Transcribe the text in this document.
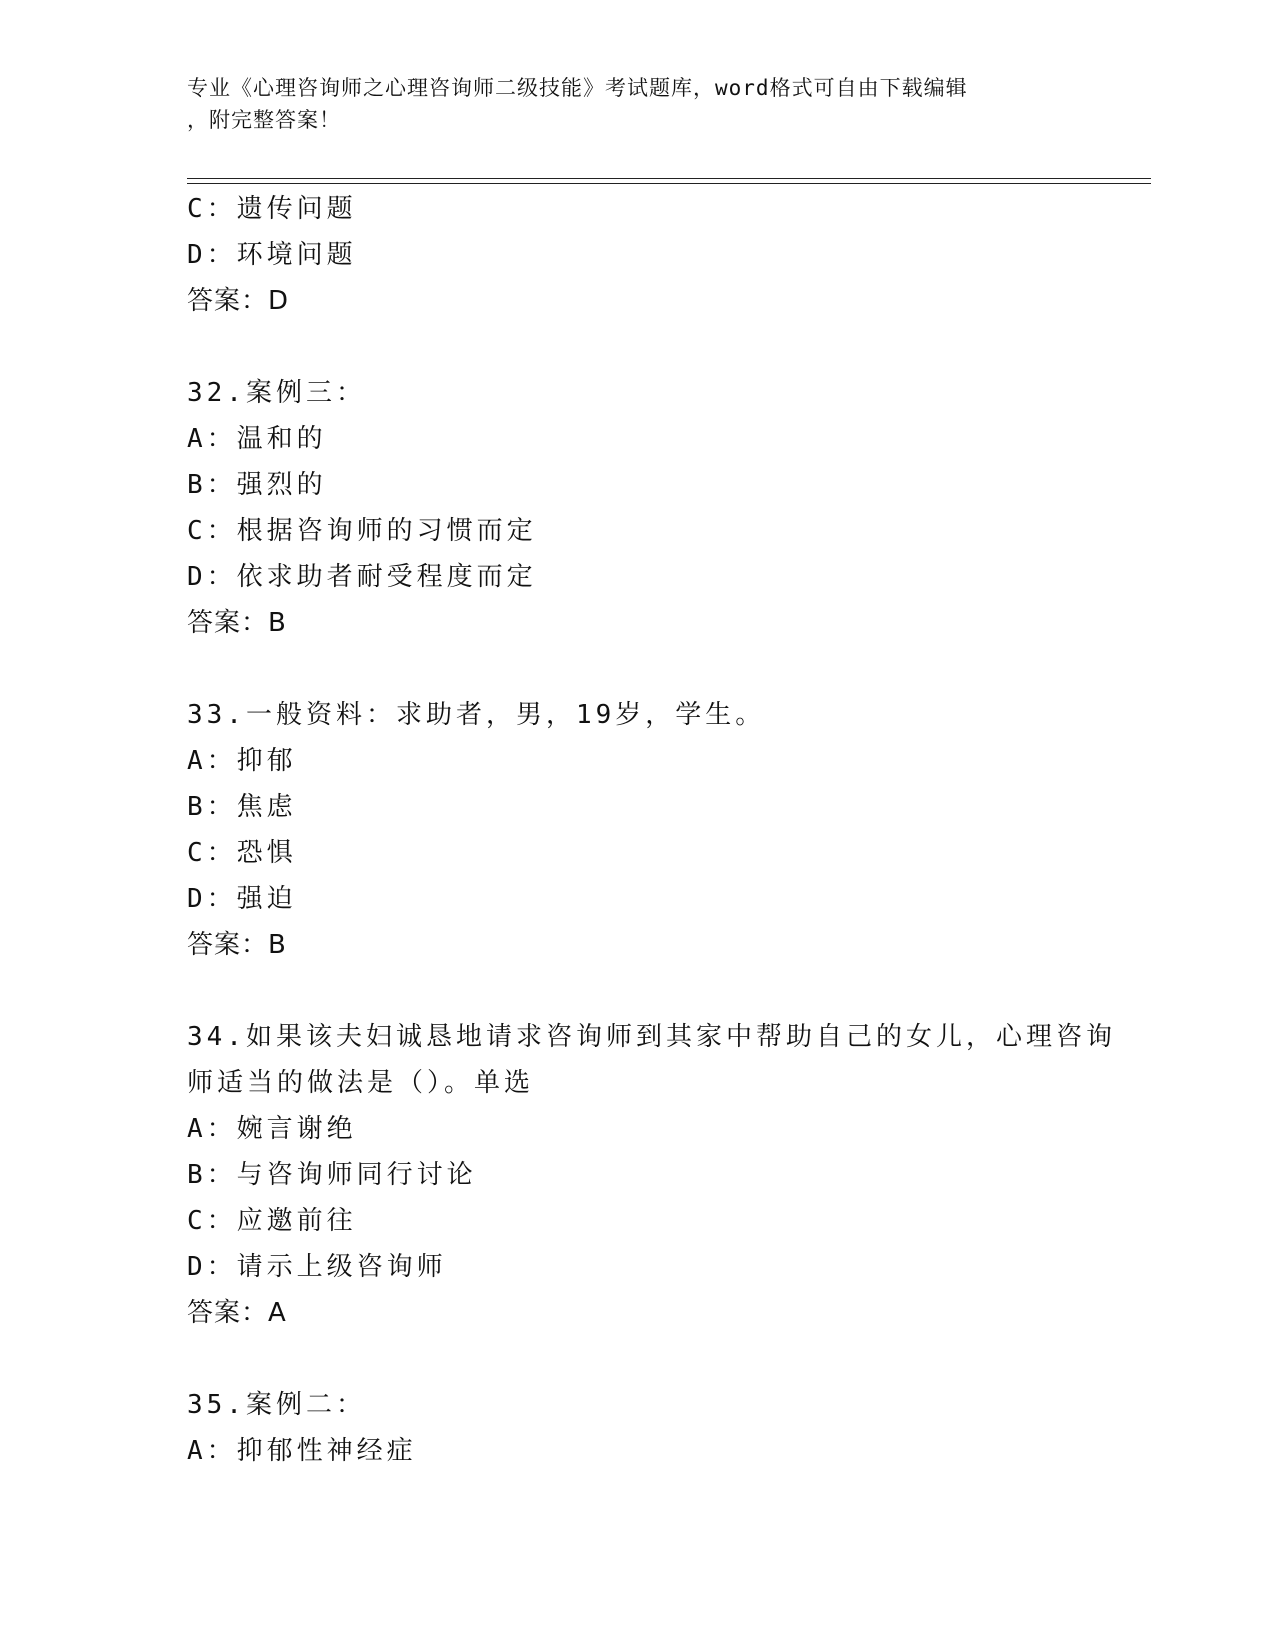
专业《心理咨询师之心理咨询师二级技能》考试题库，word格式可自由下载编辑
，附完整答案！
C：遗传问题
D：环境问题
答案：D
32.案例三：
A：温和的
B：强烈的
C：根据咨询师的习惯而定
D：依求助者耐受程度而定
答案：B
33.一般资料：求助者，男，19岁，学生。
A：抑郁
B：焦虑
C：恐惧
D：强迫
答案：B
34.如果该夫妇诚恳地请求咨询师到其家中帮助自己的女儿，心理咨询
师适当的做法是（）。单选
A：婉言谢绝
B：与咨询师同行讨论
C：应邀前往
D：请示上级咨询师
答案：A
35.案例二：
A：抑郁性神经症
